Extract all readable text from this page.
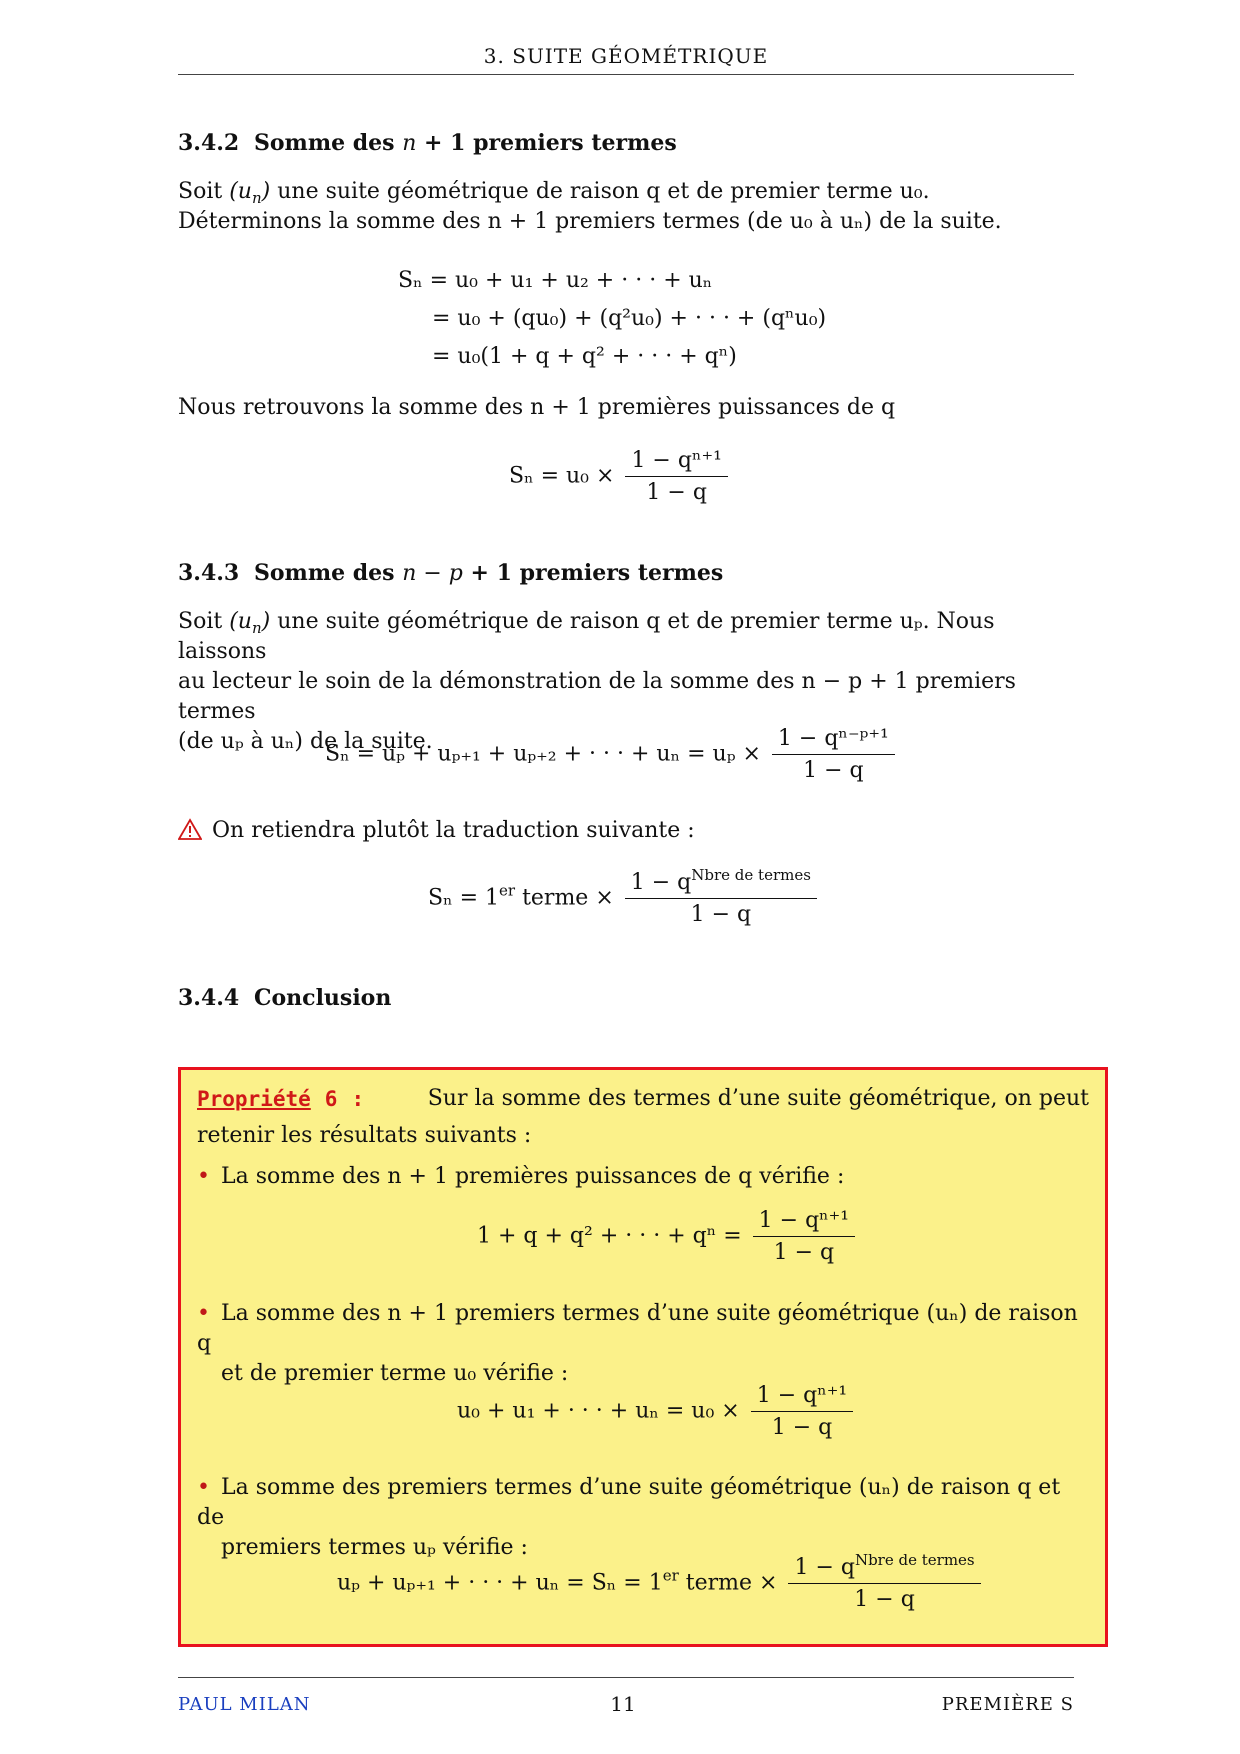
3. SUITE GÉOMÉTRIQUE
3.4.2 Somme des n + 1 premiers termes
Soit $(u_n)$ une suite géométrique de raison q et de premier terme u₀.
Déterminons la somme des n + 1 premiers termes (de u₀ à uₙ) de la suite.
Sₙ = u₀ + u₁ + u₂ + · · · + uₙ
= u₀ + (qu₀) + (q²u₀) + · · · + (qⁿu₀)
= u₀(1 + q + q² + · · · + qⁿ)
Nous retrouvons la somme des n + 1 premières puissances de q
$S_n = u_0 \times \frac{\text{1 − qⁿ⁺¹}}{1 - q}$
3.4.3 Somme des n − p + 1 premiers termes
Soit $(u_n)$ une suite géométrique de raison q et de premier terme uₚ. Nous laissons
au lecteur le soin de la démonstration de la somme des n − p + 1 premiers termes
(de uₚ à uₙ) de la suite.
Sₙ = uₚ + uₚ₊₁ + uₚ₊₂ + · · · + $u_n = u_p \times \frac{\text{1 − qⁿ⁻ᵖ⁺¹}}{1 - q}$
On retiendra plutôt la traduction suivante :
Sₙ = 1er terme × $\frac{1 - q^{Nbre de termes}}{1 - q}$
3.4.4 Conclusion
Propriété 6 :	Sur la somme des termes d’une suite géométrique, on peut
retenir les résultats suivants :
• La somme des n + 1 premières puissances de q vérifie :
1 + q + q² + · · · + $q^n = \frac{\text{1 − qⁿ⁺¹}}{1 - q}$
• La somme des n + 1 premiers termes d’une suite géométrique (uₙ) de raison q
et de premier terme u₀ vérifie :
u₀ + u₁ + · · · + $u_n = u_0 \times \frac{\text{1 − qⁿ⁺¹}}{1 - q}$
• La somme des premiers termes d’une suite géométrique (uₙ) de raison q et de
premiers termes uₚ vérifie :
uₚ + uₚ₊₁ + · · · + uₙ = Sₙ = 1er terme × $\frac{1 - q^{Nbre de termes}}{1 - q}$
PAUL MILAN	11	PREMIÈRE S
